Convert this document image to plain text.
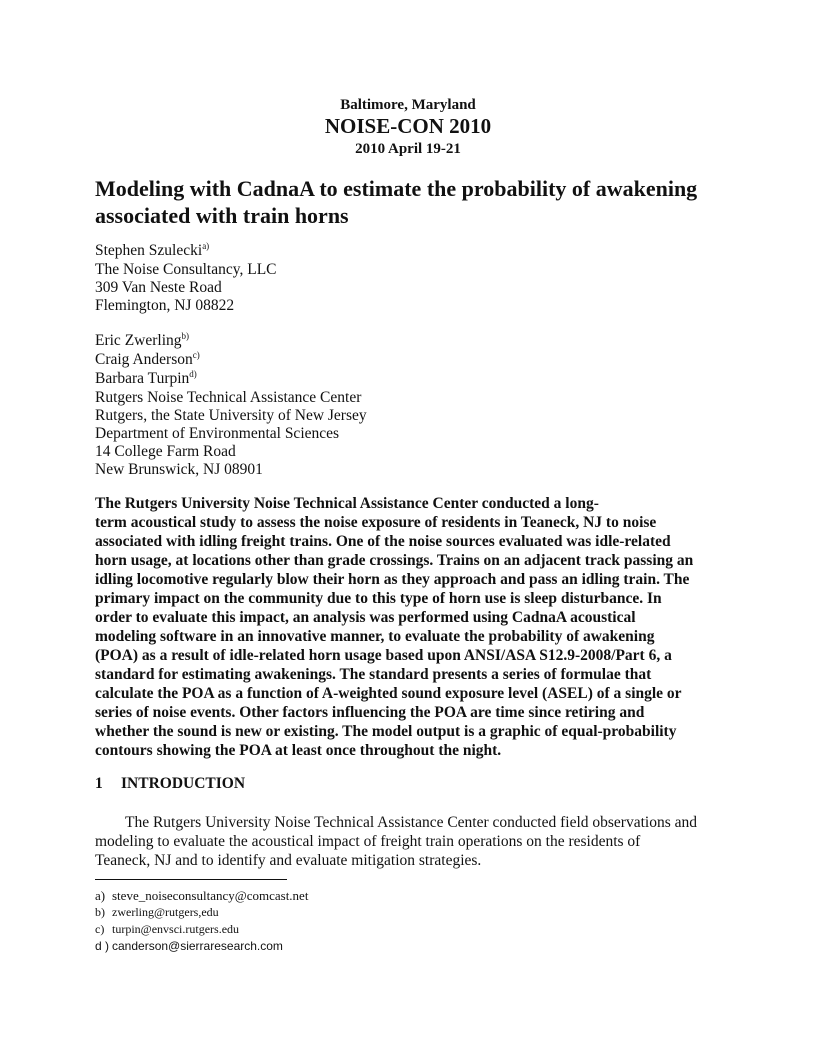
Baltimore, Maryland
NOISE-CON 2010
2010 April 19-21
Modeling with CadnaA to estimate the probability of awakening
associated with train horns
Stephen Szulecki$^{a)}$
The Noise Consultancy, LLC
309 Van Neste Road
Flemington, NJ 08822
Eric Zwerling$^{b)}$
Craig Anderson$^{c)}$
Barbara Turpin$^{d)}$
Rutgers Noise Technical Assistance Center
Rutgers, the State University of New Jersey
Department of Environmental Sciences
14 College Farm Road
New Brunswick, NJ 08901
The Rutgers University Noise Technical Assistance Center conducted a long-
term acoustical study to assess the noise exposure of residents in Teaneck, NJ to noise
associated with idling freight trains. One of the noise sources evaluated was idle-related
horn usage, at locations other than grade crossings. Trains on an adjacent track passing an
idling locomotive regularly blow their horn as they approach and pass an idling train. The
primary impact on the community due to this type of horn use is sleep disturbance. In
order to evaluate this impact, an analysis was performed using CadnaA acoustical
modeling software in an innovative manner, to evaluate the probability of awakening
(POA) as a result of idle-related horn usage based upon ANSI/ASA S12.9-2008/Part 6, a
standard for estimating awakenings. The standard presents a series of formulae that
calculate the POA as a function of A-weighted sound exposure level (ASEL) of a single or
series of noise events. Other factors influencing the POA are time since retiring and
whether the sound is new or existing. The model output is a graphic of equal-probability
contours showing the POA at least once throughout the night.
1 INTRODUCTION
The Rutgers University Noise Technical Assistance Center conducted field observations and
modeling to evaluate the acoustical impact of freight train operations on the residents of
Teaneck, NJ and to identify and evaluate mitigation strategies.
a) steve_noiseconsultancy@comcast.net
b) zwerling@rutgers,edu
c) turpin@envsci.rutgers.edu
d ) canderson@sierraresearch.com
